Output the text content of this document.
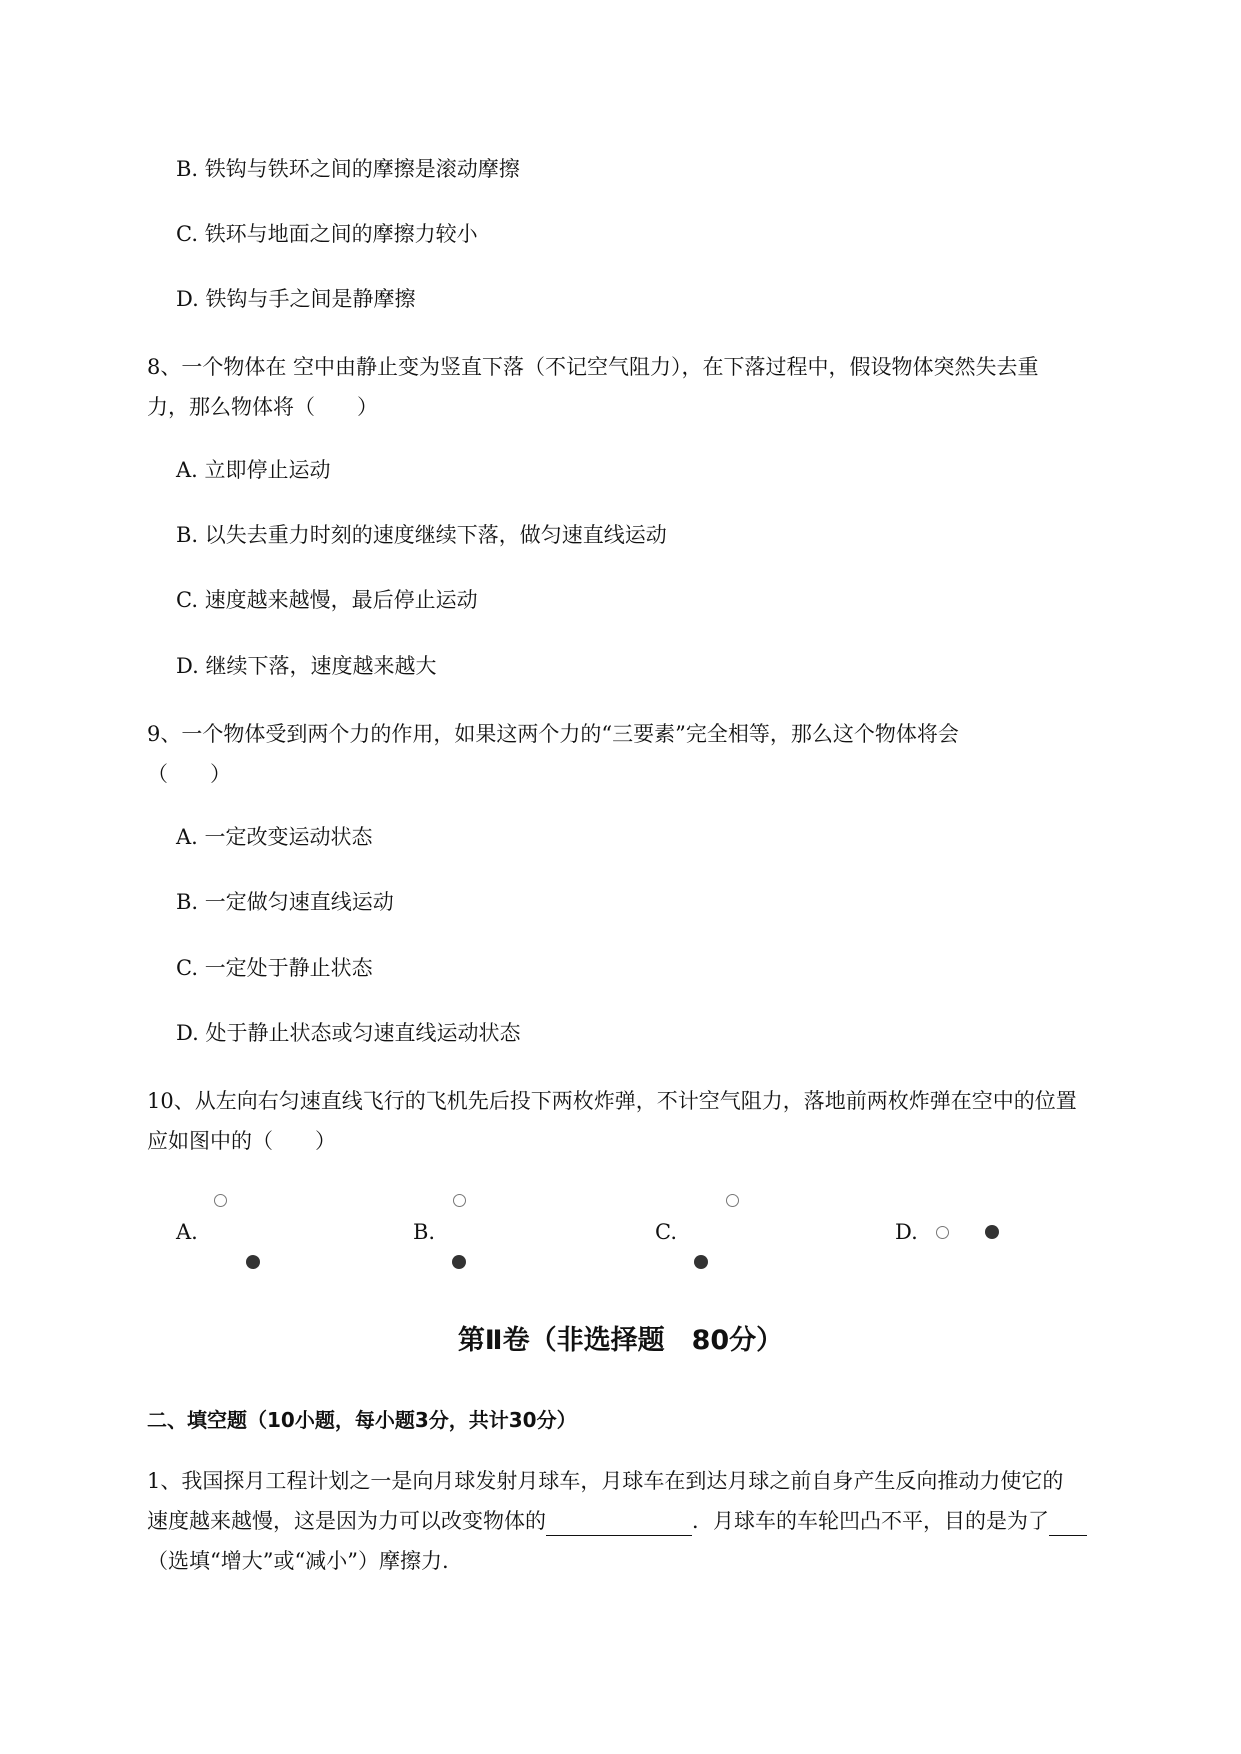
B. 铁钩与铁环之间的摩擦是滚动摩擦
C. 铁环与地面之间的摩擦力较小
D. 铁钩与手之间是静摩擦
8、一个物体在 空中由静止变为竖直下落（不记空气阻力），在下落过程中，假设物体突然失去重
力，那么物体将（　　）
A. 立即停止运动
B. 以失去重力时刻的速度继续下落，做匀速直线运动
C. 速度越来越慢，最后停止运动
D. 继续下落，速度越来越大
9、一个物体受到两个力的作用，如果这两个力的“三要素”完全相等，那么这个物体将会
（　　）
A. 一定改变运动状态
B. 一定做匀速直线运动
C. 一定处于静止状态
D. 处于静止状态或匀速直线运动状态
10、从左向右匀速直线飞行的飞机先后投下两枚炸弹，不计空气阻力，落地前两枚炸弹在空中的位置
应如图中的（　　）
A.	B.	C.	D.
第Ⅱ卷（非选择题　80分）
二、填空题（10小题，每小题3分，共计30分）
1、我国探月工程计划之一是向月球发射月球车，月球车在到达月球之前自身产生反向推动力使它的
速度越来越慢，这是因为力可以改变物体的	．月球车的车轮凹凸不平，目的是为了
（选填“增大”或“减小”）摩擦力.
